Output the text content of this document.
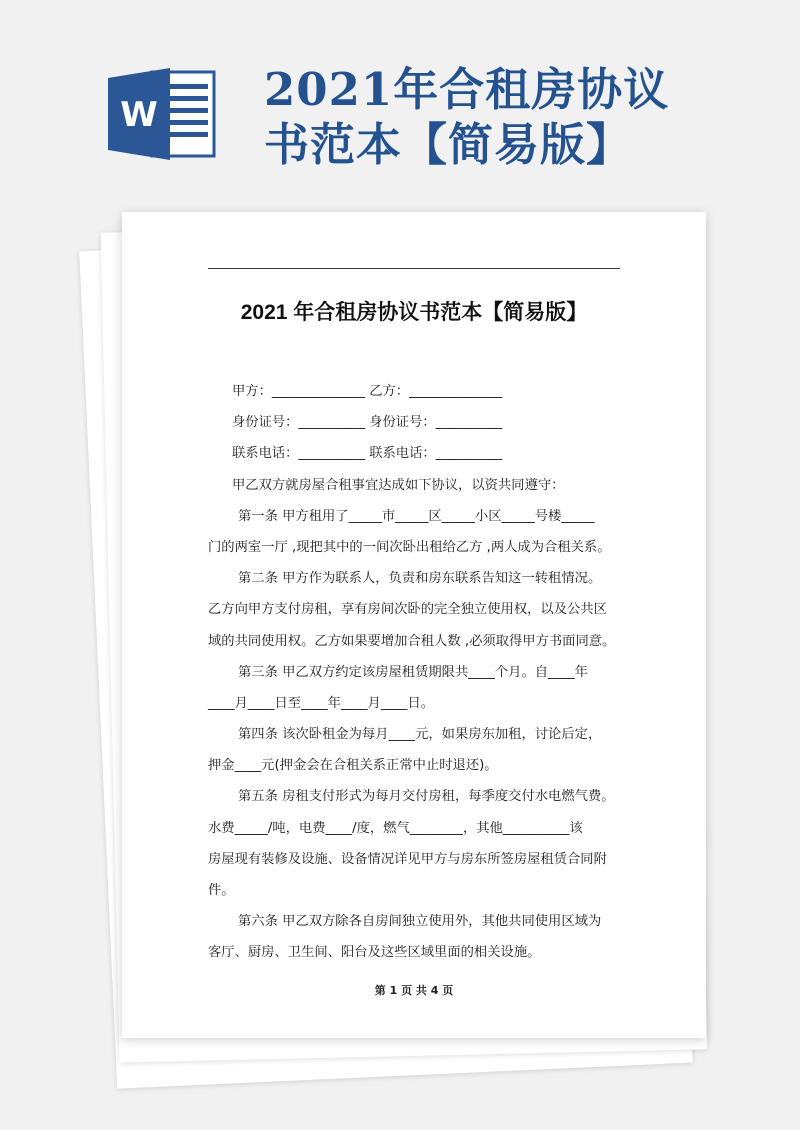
W 2021年合租房协议
书范本【简易版】
2021 年合租房协议书范本【简易版】

甲方：______________ 乙方：______________

身份证号：__________ 身份证号：__________

联系电话：__________ 联系电话：__________

甲乙双方就房屋合租事宜达成如下协议，以资共同遵守：

第一条 甲方租用了_____市_____区_____小区_____号楼_____

门的两室一厅 ,现把其中的一间次卧出租给乙方 ,两人成为合租关系。

第二条 甲方作为联系人，负责和房东联系告知这一转租情况。

乙方向甲方支付房租，享有房间次卧的完全独立使用权，以及公共区

域的共同使用权。乙方如果要增加合租人数 ,必须取得甲方书面同意。

第三条 甲乙双方约定该房屋租赁期限共____个月。自____年

____月____日至____年____月____日。

第四条 该次卧租金为每月____元，如果房东加租，讨论后定，

押金____元(押金会在合租关系正常中止时退还)。

第五条 房租支付形式为每月交付房租，每季度交付水电燃气费。

水费_____/吨，电费____/度，燃气________，其他__________该

房屋现有装修及设施、设备情况详见甲方与房东所签房屋租赁合同附

件。

第六条 甲乙双方除各自房间独立使用外，其他共同使用区域为

客厅、厨房、卫生间、阳台及这些区域里面的相关设施。

第 1 页 共 4 页
